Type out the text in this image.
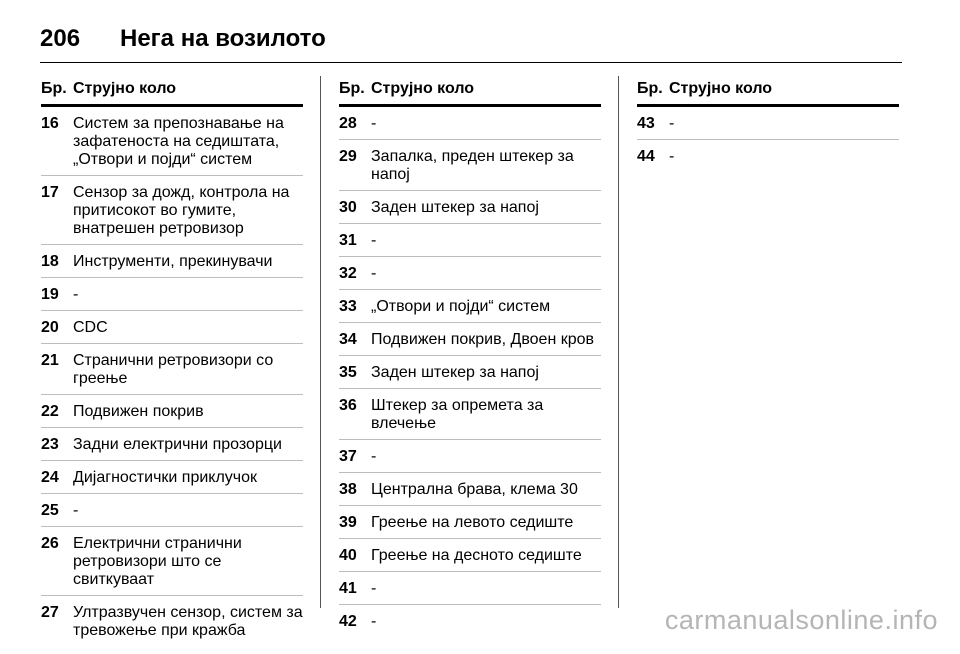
206	Нега на возилото
Бр. Струјно коло
16 Систем за препознавање на зафатеноста на седиштата, „Отвори и појди“ систем
17 Сензор за дожд, контрола на притисокот во гумите, внатрешен ретровизор
18 Инструменти, прекинувачи
19 -
20 CDC
21 Странични ретровизори со греење
22 Подвижен покрив
23 Задни електрични прозорци
24 Дијагностички приклучок
25 -
26 Електрични странични ретровизори што се свиткуваат
27 Ултразвучен сензор, систем за тревожење при кражба
Бр. Струјно коло
28 -
29 Запалка, преден штекер за напој
30 Заден штекер за напој
31 -
32 -
33 „Отвори и појди“ систем
34 Подвижен покрив, Двоен кров
35 Заден штекер за напој
36 Штекер за опремета за влечење
37 -
38 Централна брава, клема 30
39 Греење на левото седиште
40 Греење на десното седиште
41 -
42 -
Бр. Струјно коло
43 -
44 -
carmanualsonline.info
